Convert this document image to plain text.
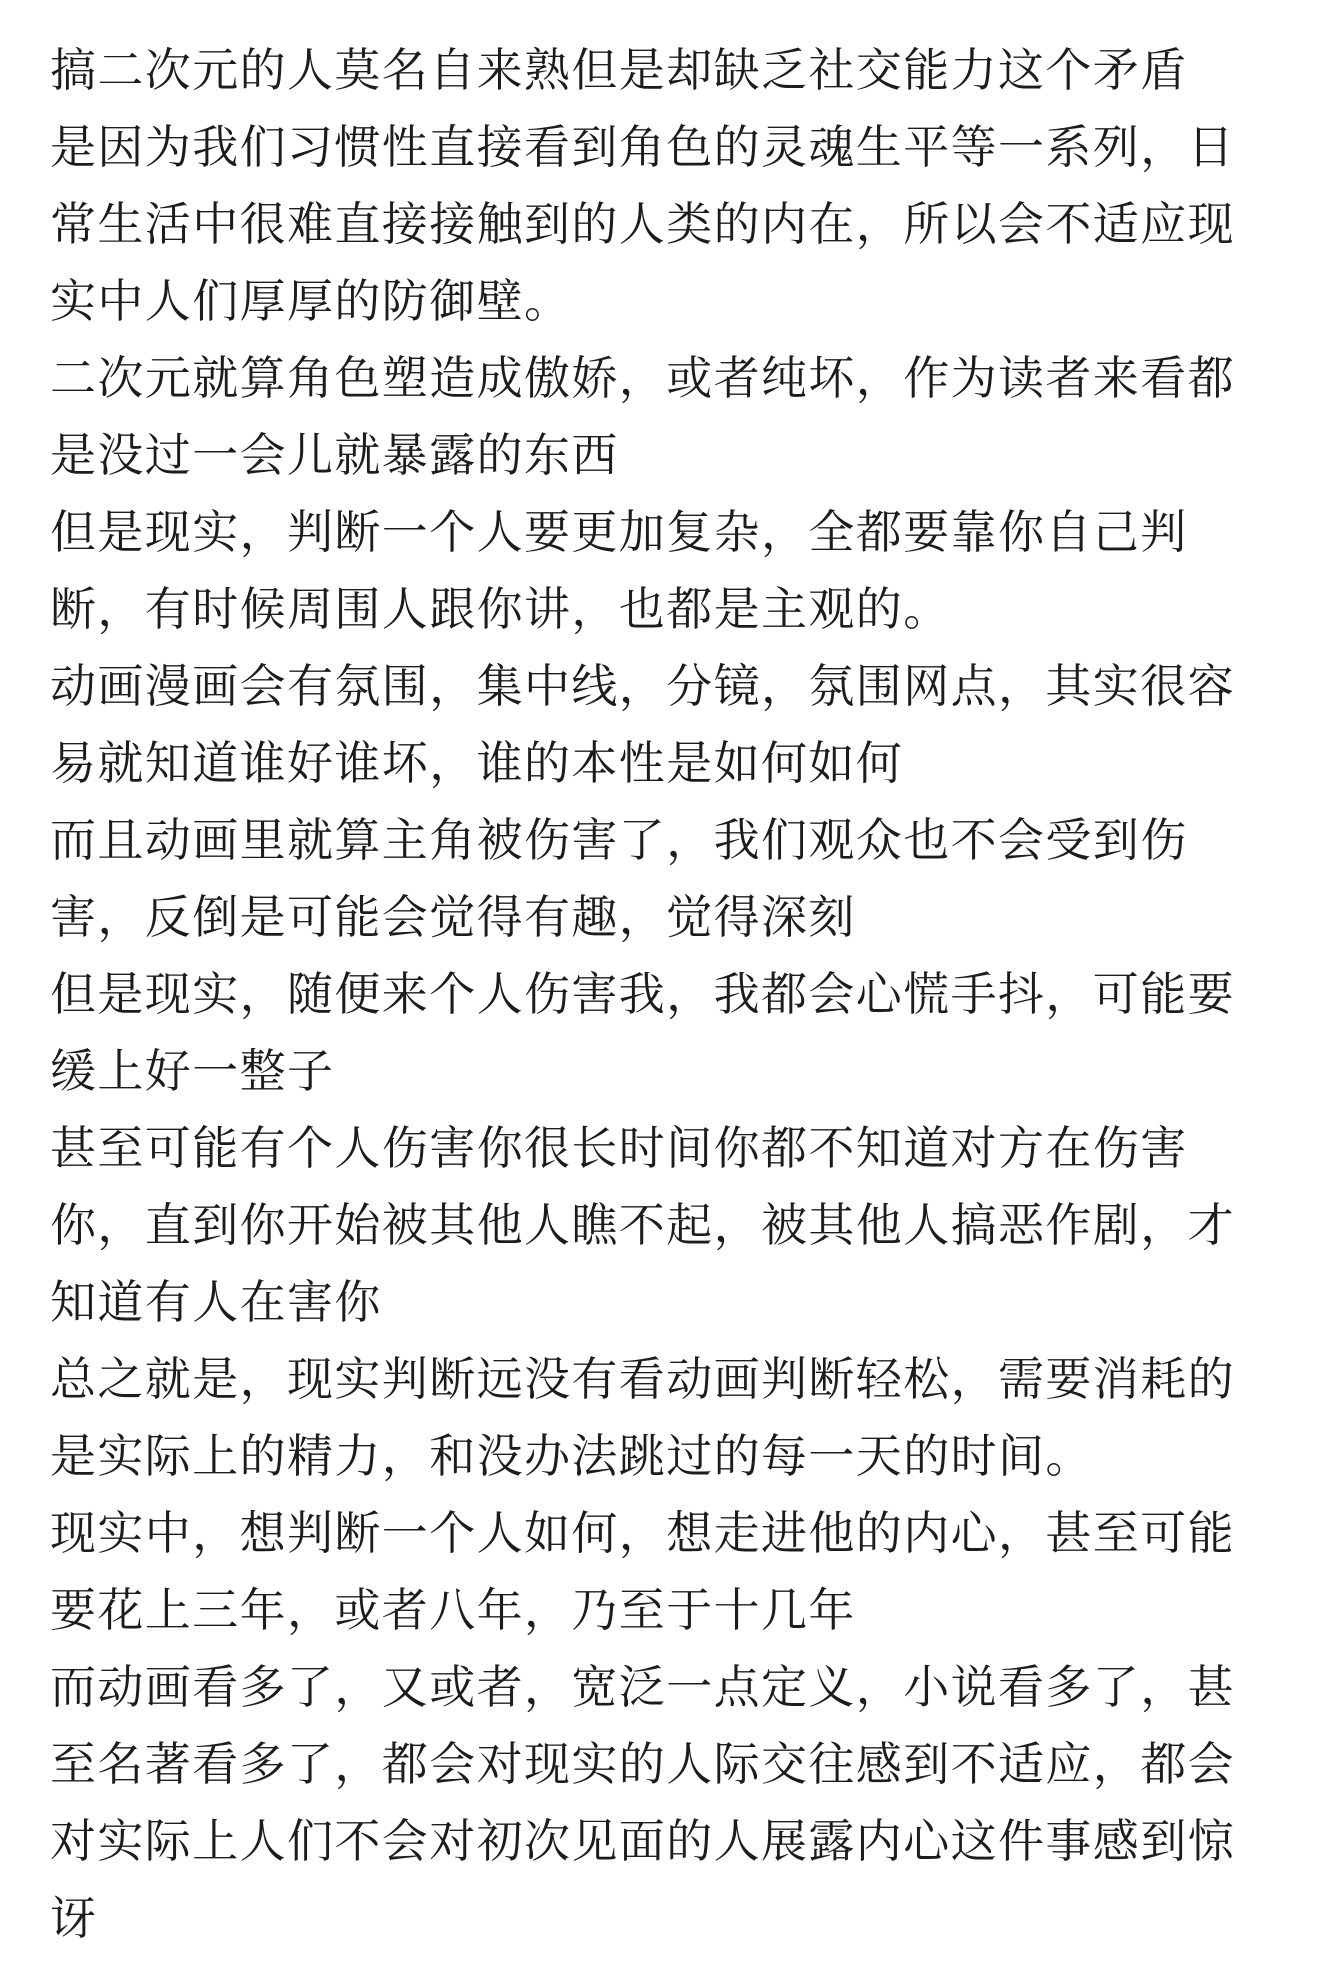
搞二次元的人莫名自来熟但是却缺乏社交能力这个矛盾
是因为我们习惯性直接看到角色的灵魂生平等一系列，日
常生活中很难直接接触到的人类的内在，所以会不适应现
实中人们厚厚的防御壁。
二次元就算角色塑造成傲娇，或者纯坏，作为读者来看都
是没过一会儿就暴露的东西
但是现实，判断一个人要更加复杂，全都要靠你自己判
断，有时候周围人跟你讲，也都是主观的。
动画漫画会有氛围，集中线，分镜，氛围网点，其实很容
易就知道谁好谁坏，谁的本性是如何如何
而且动画里就算主角被伤害了，我们观众也不会受到伤
害，反倒是可能会觉得有趣，觉得深刻
但是现实，随便来个人伤害我，我都会心慌手抖，可能要
缓上好一整子
甚至可能有个人伤害你很长时间你都不知道对方在伤害
你，直到你开始被其他人瞧不起，被其他人搞恶作剧，才
知道有人在害你
总之就是，现实判断远没有看动画判断轻松，需要消耗的
是实际上的精力，和没办法跳过的每一天的时间。
现实中，想判断一个人如何，想走进他的内心，甚至可能
要花上三年，或者八年，乃至于十几年
而动画看多了，又或者，宽泛一点定义，小说看多了，甚
至名著看多了，都会对现实的人际交往感到不适应，都会
对实际上人们不会对初次见面的人展露内心这件事感到惊
讶
